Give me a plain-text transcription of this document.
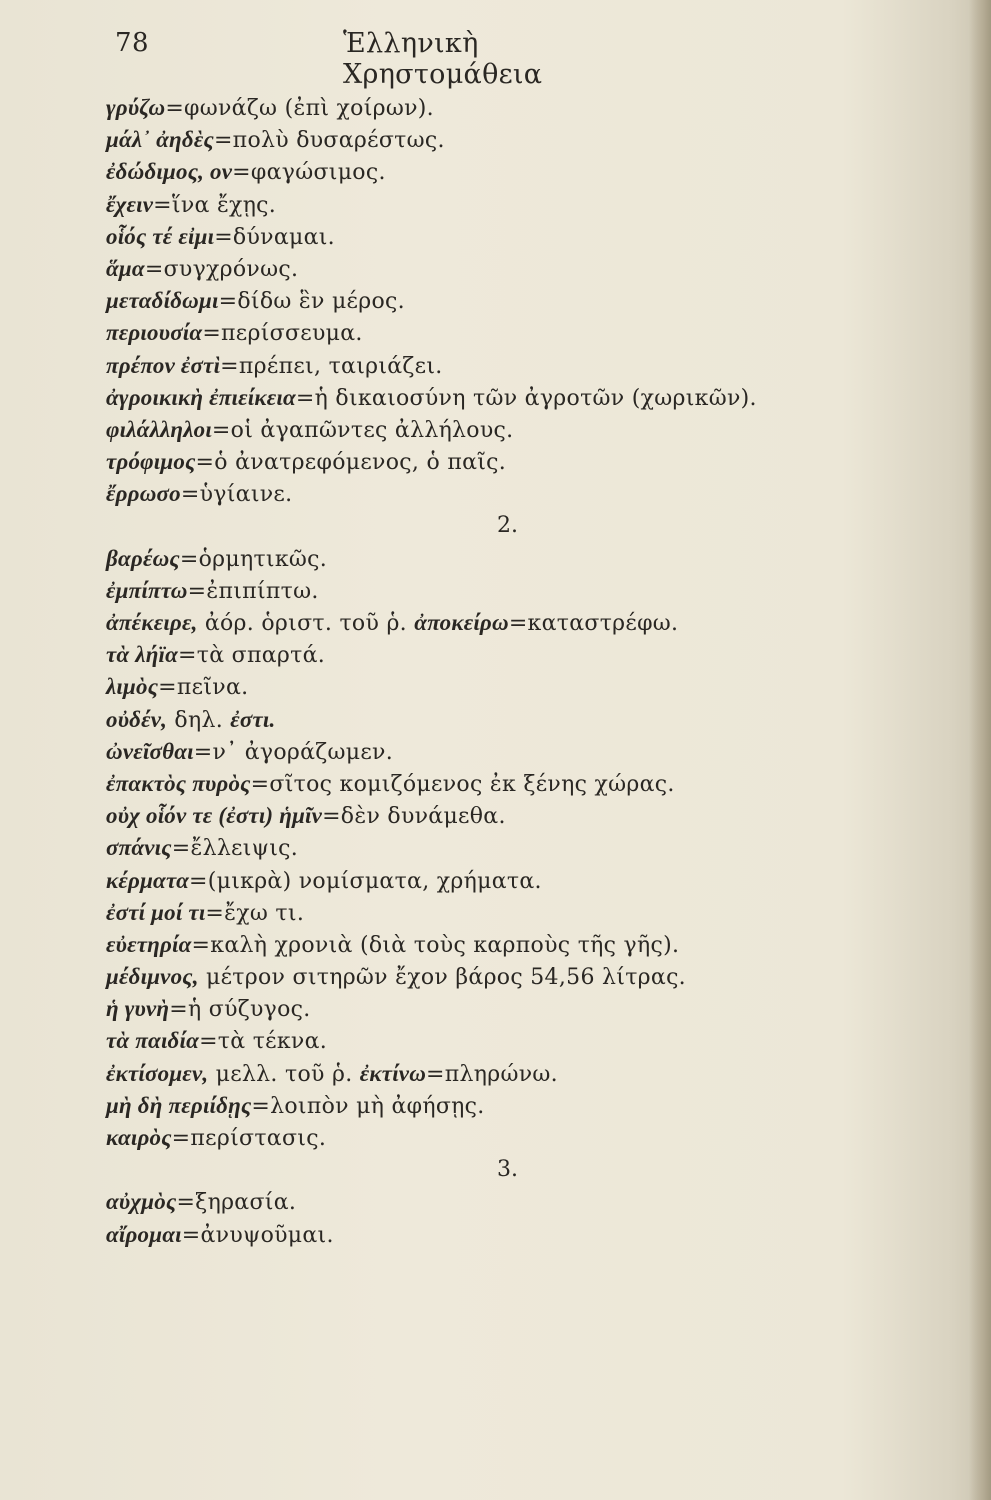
78	Ἑλληνικὴ Χρηστομάθεια
γρύζω=φωνάζω (ἐπὶ χοίρων).
μάλ᾽ ἀηδὲς=πολὺ δυσαρέστως.
ἐδώδιμος, ον=φαγώσιμος.
ἔχειν=ἵνα ἔχῃς.
οἷός τέ εἰμι=δύναμαι.
ἅμα=συγχρόνως.
μεταδίδωμι=δίδω ἓν μέρος.
περιουσία=περίσσευμα.
πρέπον ἐστὶ=πρέπει, ταιριάζει.
ἀγροικικὴ ἐπιείκεια=ἡ δικαιοσύνη τῶν ἀγροτῶν (χωρικῶν).
φιλάλληλοι=οἱ ἀγαπῶντες ἀλλήλους.
τρόφιμος=ὁ ἀνατρεφόμενος, ὁ παῖς.
ἔρρωσο=ὑγίαινε.
2.
βαρέως=ὁρμητικῶς.
ἐμπίπτω=ἐπιπίπτω.
ἀπέκειρε, ἀόρ. ὁριστ. τοῦ ῥ. ἀποκείρω=καταστρέφω.
τὰ λήϊα=τὰ σπαρτά.
λιμὸς=πεῖνα.
οὐδέν, δηλ. ἐστι.
ὠνεῖσθαι=ν᾽ ἀγοράζωμεν.
ἐπακτὸς πυρὸς=σῖτος κομιζόμενος ἐκ ξένης χώρας.
οὐχ οἷόν τε (ἐστι) ἡμῖν=δὲν δυνάμεθα.
σπάνις=ἔλλειψις.
κέρματα=(μικρὰ) νομίσματα, χρήματα.
ἐστί μοί τι=ἔχω τι.
εὐετηρία=καλὴ χρονιὰ (διὰ τοὺς καρποὺς τῆς γῆς).
μέδιμνος, μέτρον σιτηρῶν ἔχον βάρος 54,56 λίτρας.
ἡ γυνὴ=ἡ σύζυγος.
τὰ παιδία=τὰ τέκνα.
ἐκτίσομεν, μελλ. τοῦ ῥ. ἐκτίνω=πληρώνω.
μὴ δὴ περιίδῃς=λοιπὸν μὴ ἀφήσῃς.
καιρὸς=περίστασις.
3.
αὐχμὸς=ξηρασία.
αἴρομαι=ἀνυψοῦμαι.
